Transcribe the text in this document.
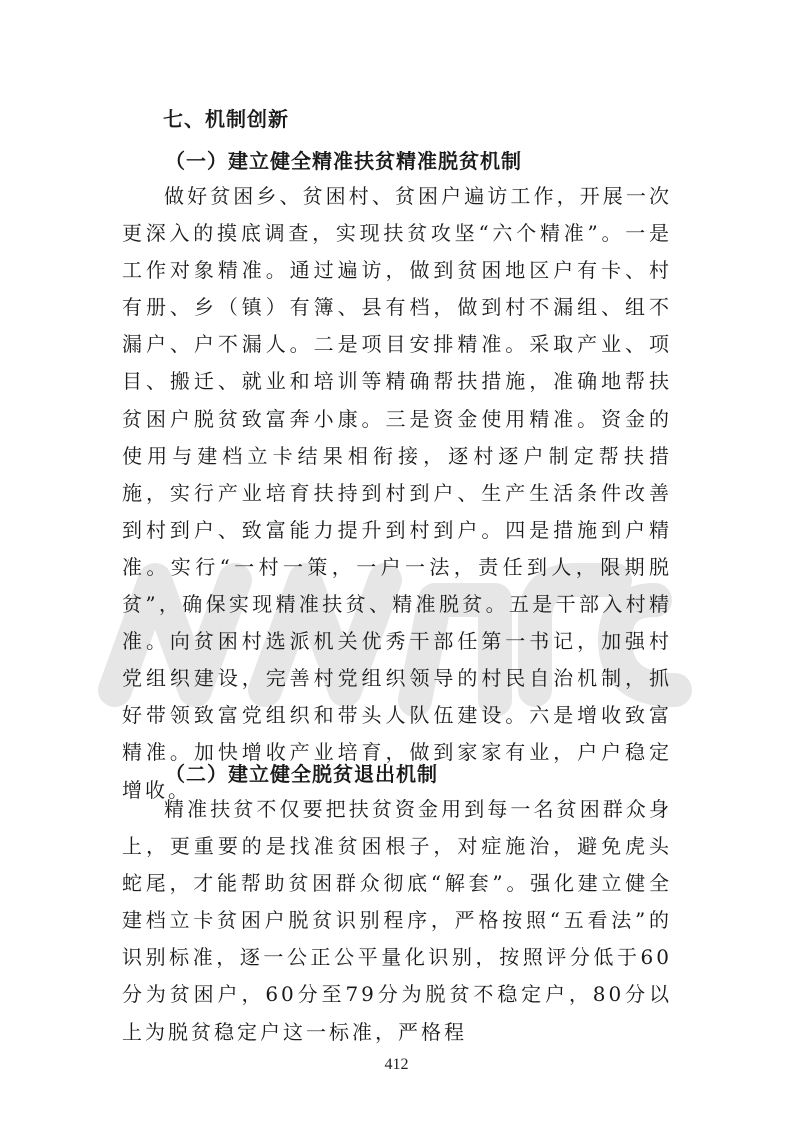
七、机制创新
（一）建立健全精准扶贫精准脱贫机制
做好贫困乡、贫困村、贫困户遍访工作，开展一次更深入的摸底调查，实现扶贫攻坚“六个精准”。一是工作对象精准。通过遍访，做到贫困地区户有卡、村有册、乡（镇）有簿、县有档，做到村不漏组、组不漏户、户不漏人。二是项目安排精准。采取产业、项目、搬迁、就业和培训等精确帮扶措施，准确地帮扶贫困户脱贫致富奔小康。三是资金使用精准。资金的使用与建档立卡结果相衔接，逐村逐户制定帮扶措施，实行产业培育扶持到村到户、生产生活条件改善到村到户、致富能力提升到村到户。四是措施到户精准。实行“一村一策，一户一法，责任到人，限期脱贫”，确保实现精准扶贫、精准脱贫。五是干部入村精准。向贫困村选派机关优秀干部任第一书记，加强村党组织建设，完善村党组织领导的村民自治机制，抓好带领致富党组织和带头人队伍建设。六是增收致富精准。加快增收产业培育，做到家家有业，户户稳定增收。
（二）建立健全脱贫退出机制
精准扶贫不仅要把扶贫资金用到每一名贫困群众身上，更重要的是找准贫困根子，对症施治，避免虎头蛇尾，才能帮助贫困群众彻底“解套”。强化建立健全建档立卡贫困户脱贫识别程序，严格按照“五看法”的识别标准，逐一公正公平量化识别，按照评分低于60分为贫困户，60分至79分为脱贫不稳定户，80分以上为脱贫稳定户这一标准，严格程
412
